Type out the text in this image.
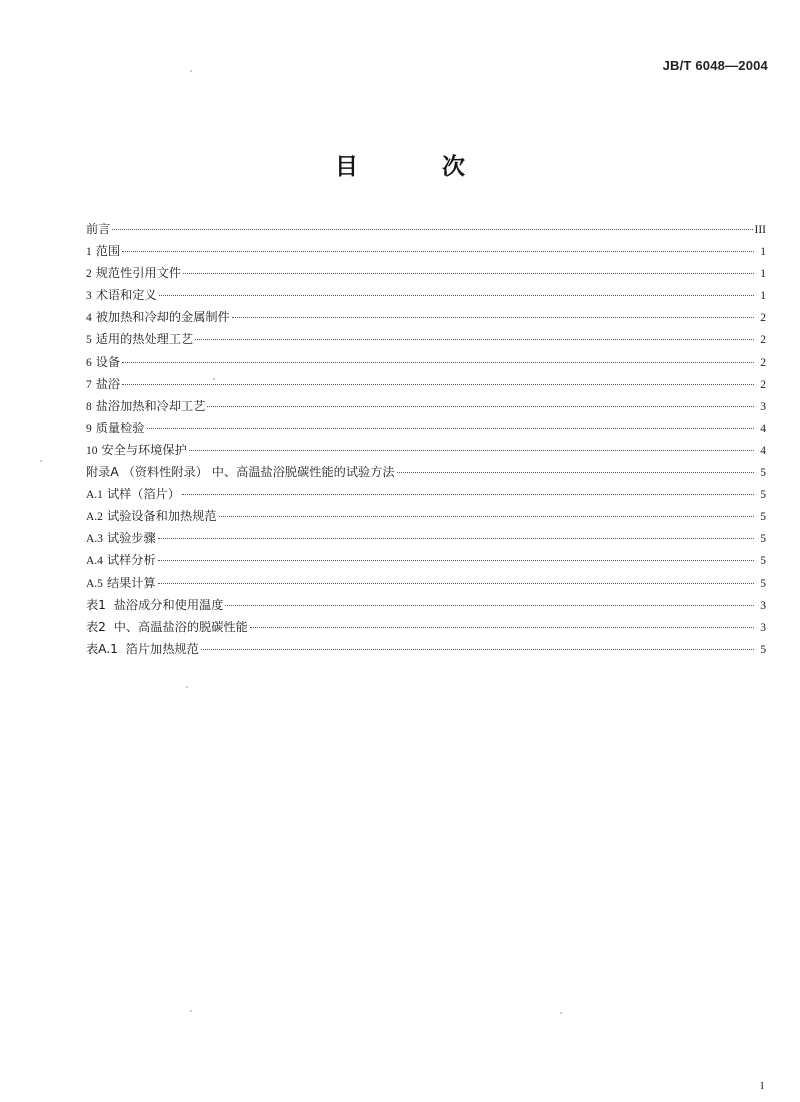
JB/T 6048—2004
目 次
前言	III
1 范围	1
2 规范性引用文件	1
3 术语和定义	1
4 被加热和冷却的金属制件	2
5 适用的热处理工艺	2
6 设备	2
7 盐浴	2
8 盐浴加热和冷却工艺	3
9 质量检验	4
10 安全与环境保护	4
附录A （资料性附录） 中、高温盐浴脱碳性能的试验方法	5
A.1 试样（箔片）	5
A.2 试验设备和加热规范	5
A.3 试验步骤	5
A.4 试样分析	5
A.5 结果计算	5
表1  盐浴成分和使用温度	3
表2  中、高温盐浴的脱碳性能	3
表A.1  箔片加热规范	5
I
